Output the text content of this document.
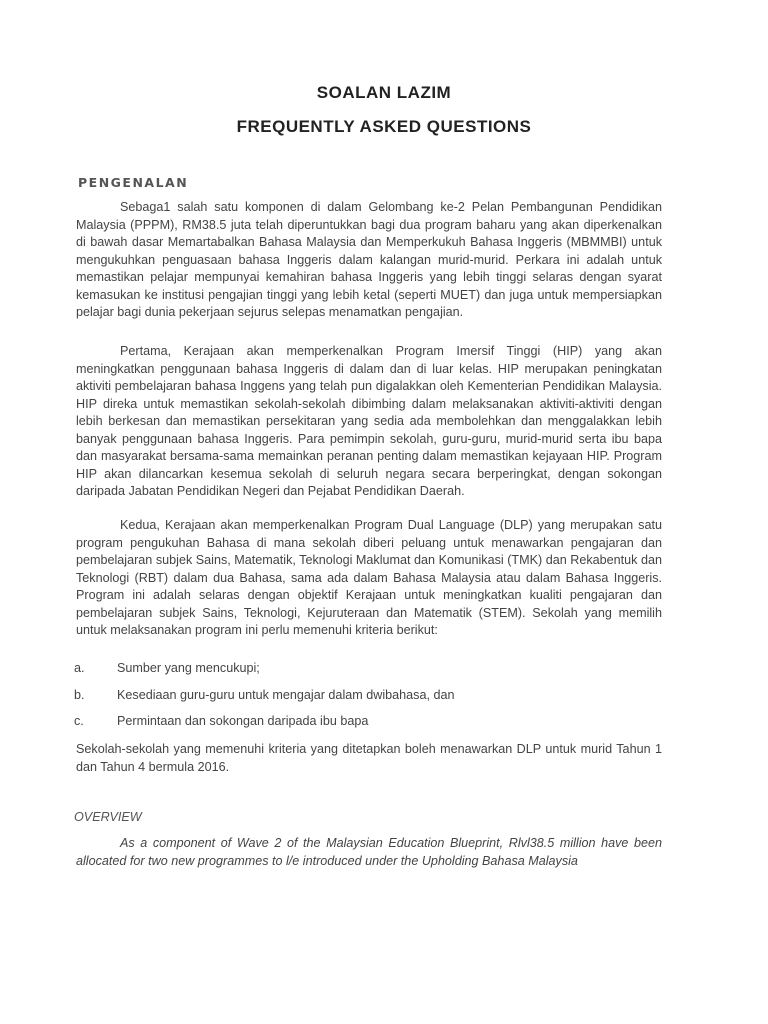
SOALAN LAZIM
FREQUENTLY ASKED QUESTIONS
PENGENALAN

Sebaga1 salah satu komponen di dalam Gelombang ke-2 Pelan Pembangunan Pendidikan Malaysia (PPPM), RM38.5 juta telah diperuntukkan bagi dua program baharu yang akan diperkenalkan di bawah dasar Memartabalkan Bahasa Malaysia dan Memperkukuh Bahasa Inggeris (MBMMBI) untuk mengukuhkan penguasaan bahasa Inggeris dalam kalangan murid-murid. Perkara ini adalah untuk memastikan pelajar mempunyai kemahiran bahasa Inggeris yang lebih tinggi selaras dengan syarat kemasukan ke institusi pengajian tinggi yang lebih ketal (seperti MUET) dan juga untuk mempersiapkan pelajar bagi dunia pekerjaan sejurus selepas menamatkan pengajian.

Pertama, Kerajaan akan memperkenalkan Program Imersif Tinggi (HIP) yang akan meningkatkan penggunaan bahasa Inggeris di dalam dan di luar kelas. HIP merupakan peningkatan aktiviti pembelajaran bahasa Inggens yang telah pun digalakkan oleh Kementerian Pendidikan Malaysia. HIP direka untuk memastikan sekolah-sekolah dibimbing dalam melaksanakan aktiviti-aktiviti dengan lebih berkesan dan memastikan persekitaran yang sedia ada membolehkan dan menggalakkan lebih banyak penggunaan bahasa Inggeris. Para pemimpin sekolah, guru-guru, murid-murid serta ibu bapa dan masyarakat bersama-sama memainkan peranan penting dalam memastikan kejayaan HIP. Program HIP akan dilancarkan kesemua sekolah di seluruh negara secara berperingkat, dengan sokongan daripada Jabatan Pendidikan Negeri dan Pejabat Pendidikan Daerah.

Kedua, Kerajaan akan memperkenalkan Program Dual Language (DLP) yang merupakan satu program pengukuhan Bahasa di mana sekolah diberi peluang untuk menawarkan pengajaran dan pembelajaran subjek Sains, Matematik, Teknologi Maklumat dan Komunikasi (TMK) dan Rekabentuk dan Teknologi (RBT) dalam dua Bahasa, sama ada dalam Bahasa Malaysia atau dalam Bahasa Inggeris. Program ini adalah selaras dengan objektif Kerajaan untuk meningkatkan kualiti pengajaran dan pembelajaran subjek Sains, Teknologi, Kejuruteraan dan Matematik (STEM). Sekolah yang memilih untuk melaksanakan program ini perlu memenuhi kriteria berikut:

a.	Sumber yang mencukupi;
b.	Kesediaan guru-guru untuk mengajar dalam dwibahasa, dan
c.	Permintaan dan sokongan daripada ibu bapa

Sekolah-sekolah yang memenuhi kriteria yang ditetapkan boleh menawarkan DLP untuk murid Tahun 1 dan Tahun 4 bermula 2016.

OVERVIEW

As a component of Wave 2 of the Malaysian Education Blueprint, Rlvl38.5 million have been allocated for two new programmes to l/e introduced under the Upholding Bahasa Malaysia
